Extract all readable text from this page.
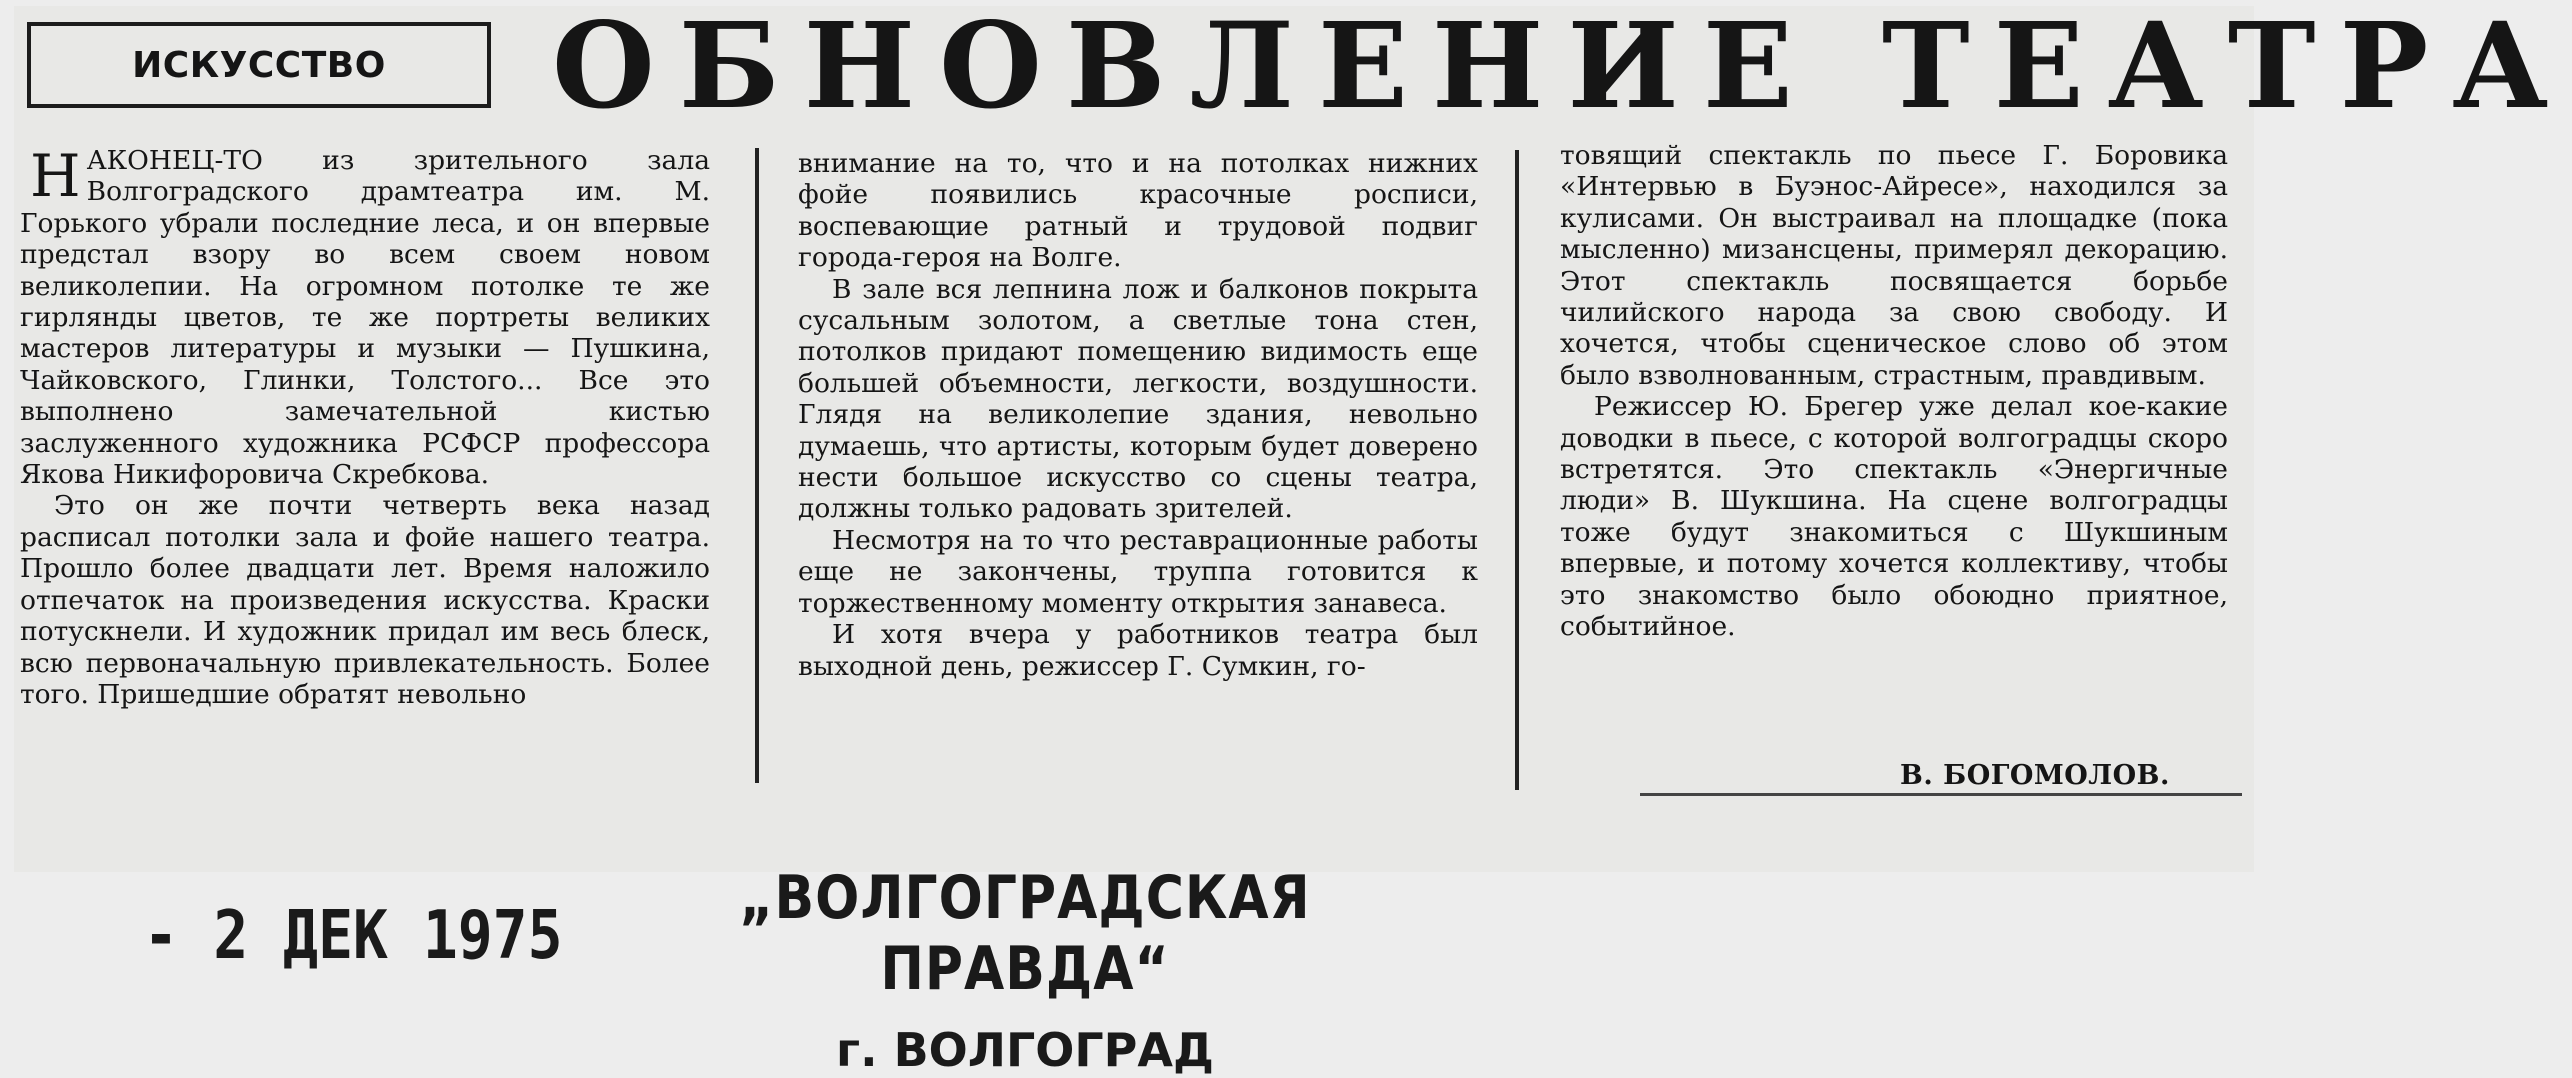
ИСКУССТВО	ОБНОВЛЕНИЕ ТЕАТРА

НАКОНЕЦ-ТО из зрительного зала Волгоградского драмтеатра им. М. Горького убрали последние леса, и он впервые предстал взору во всем своем новом великолепии. На огромном потолке те же гирлянды цветов, те же портреты великих мастеров литературы и музыки — Пушкина, Чайковского, Глинки, Толстого... Все это выполнено замечательной кистью заслуженного художника РСФСР профессора Якова Никифоровича Скребкова.

Это он же почти четверть века назад расписал потолки зала и фойе нашего театра. Прошло более двадцати лет. Время наложило отпечаток на произведения искусства. Краски потускнели. И художник придал им весь блеск, всю первоначальную привлекательность. Более того. Пришедшие обратят невольно

внимание на то, что и на потолках нижних фойе появились красочные росписи, воспевающие ратный и трудовой подвиг города-героя на Волге.

В зале вся лепнина лож и балконов покрыта сусальным золотом, а светлые тона стен, потолков придают помещению видимость еще большей объемности, легкости, воздушности. Глядя на великолепие здания, невольно думаешь, что артисты, которым будет доверено нести большое искусство со сцены театра, должны только радовать зрителей.

Несмотря на то что реставрационные работы еще не закончены, труппа готовится к торжественному моменту открытия занавеса.

И хотя вчера у работников театра был выходной день, режиссер Г. Сумкин, го-

товящий спектакль по пьесе Г. Боровика «Интервью в Буэнос-Айресе», находился за кулисами. Он выстраивал на площадке (пока мысленно) мизансцены, примерял декорацию. Этот спектакль посвящается борьбе чилийского народа за свою свободу. И хочется, чтобы сценическое слово об этом было взволнованным, страстным, правдивым.

Режиссер Ю. Брегер уже делал кое-какие доводки в пьесе, с которой волгоградцы скоро встретятся. Это спектакль «Энергичные люди» В. Шукшина. На сцене волгоградцы тоже будут знакомиться с Шукшиным впервые, и потому хочется коллективу, чтобы это знакомство было обоюдно приятное, событийное.

В. БОГОМОЛОВ.
- 2 ДЕК 1975	„ВОЛГОГРАДСКАЯ ПРАВДА“
г. ВОЛГОГРАД
